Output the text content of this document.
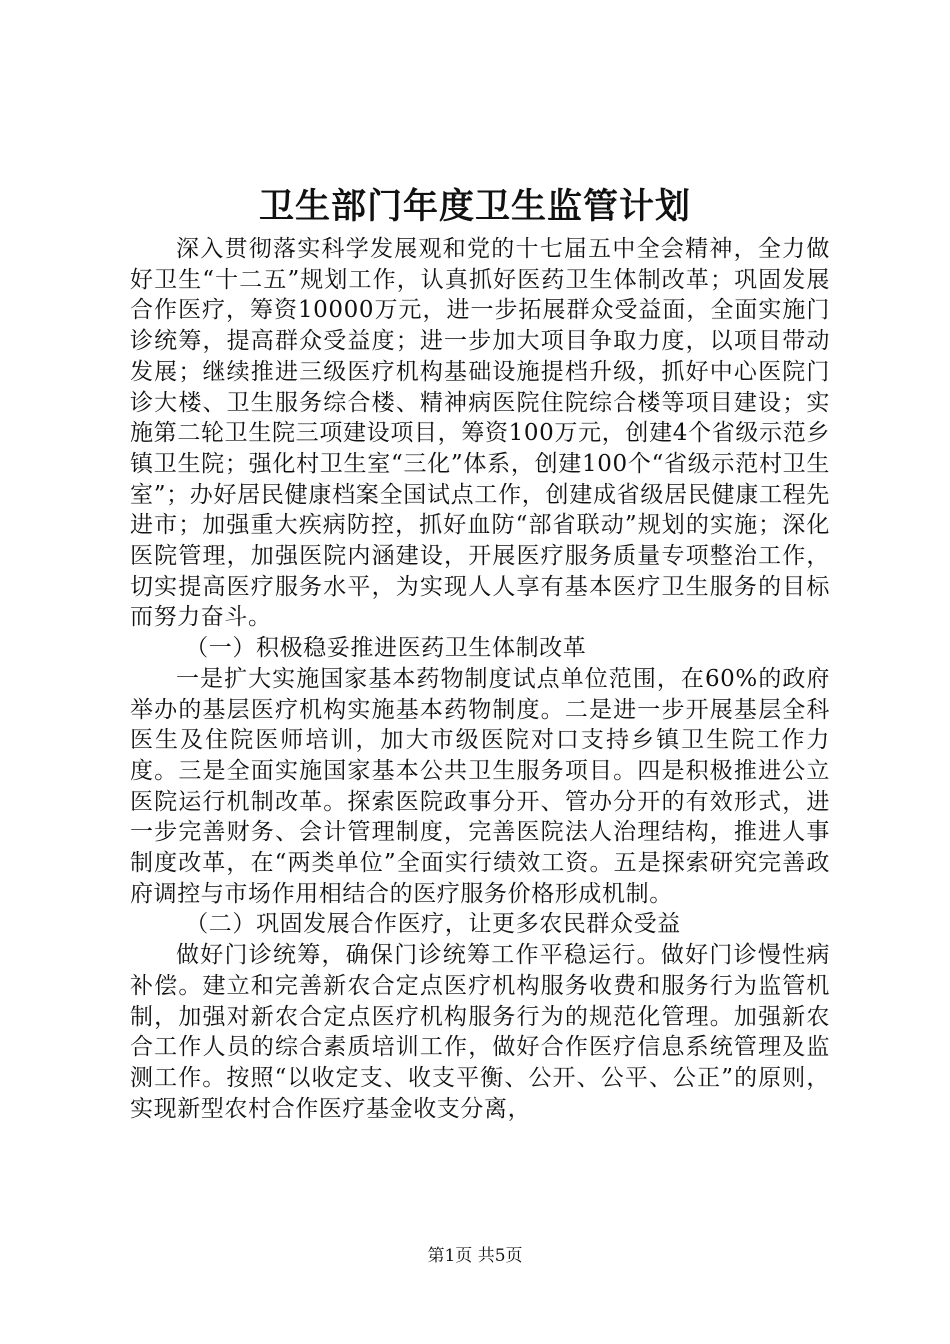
卫生部门年度卫生监管计划

深入贯彻落实科学发展观和党的十七届五中全会精神，全力做好卫生“十二五”规划工作，认真抓好医药卫生体制改革；巩固发展合作医疗，筹资10000万元，进一步拓展群众受益面，全面实施门诊统筹，提高群众受益度；进一步加大项目争取力度，以项目带动发展；继续推进三级医疗机构基础设施提档升级，抓好中心医院门诊大楼、卫生服务综合楼、精神病医院住院综合楼等项目建设；实施第二轮卫生院三项建设项目，筹资100万元，创建4个省级示范乡镇卫生院；强化村卫生室“三化”体系，创建100个“省级示范村卫生室”；办好居民健康档案全国试点工作，创建成省级居民健康工程先进市；加强重大疾病防控，抓好血防“部省联动”规划的实施；深化医院管理，加强医院内涵建设，开展医疗服务质量专项整治工作，切实提高医疗服务水平，为实现人人享有基本医疗卫生服务的目标而努力奋斗。

（一）积极稳妥推进医药卫生体制改革

一是扩大实施国家基本药物制度试点单位范围，在60%的政府举办的基层医疗机构实施基本药物制度。二是进一步开展基层全科医生及住院医师培训，加大市级医院对口支持乡镇卫生院工作力度。三是全面实施国家基本公共卫生服务项目。四是积极推进公立医院运行机制改革。探索医院政事分开、管办分开的有效形式，进一步完善财务、会计管理制度，完善医院法人治理结构，推进人事制度改革，在“两类单位”全面实行绩效工资。五是探索研究完善政府调控与市场作用相结合的医疗服务价格形成机制。

（二）巩固发展合作医疗，让更多农民群众受益

做好门诊统筹，确保门诊统筹工作平稳运行。做好门诊慢性病补偿。建立和完善新农合定点医疗机构服务收费和服务行为监管机制，加强对新农合定点医疗机构服务行为的规范化管理。加强新农合工作人员的综合素质培训工作，做好合作医疗信息系统管理及监测工作。按照“以收定支、收支平衡、公开、公平、公正”的原则，实现新型农村合作医疗基金收支分离，

第1页 共5页
